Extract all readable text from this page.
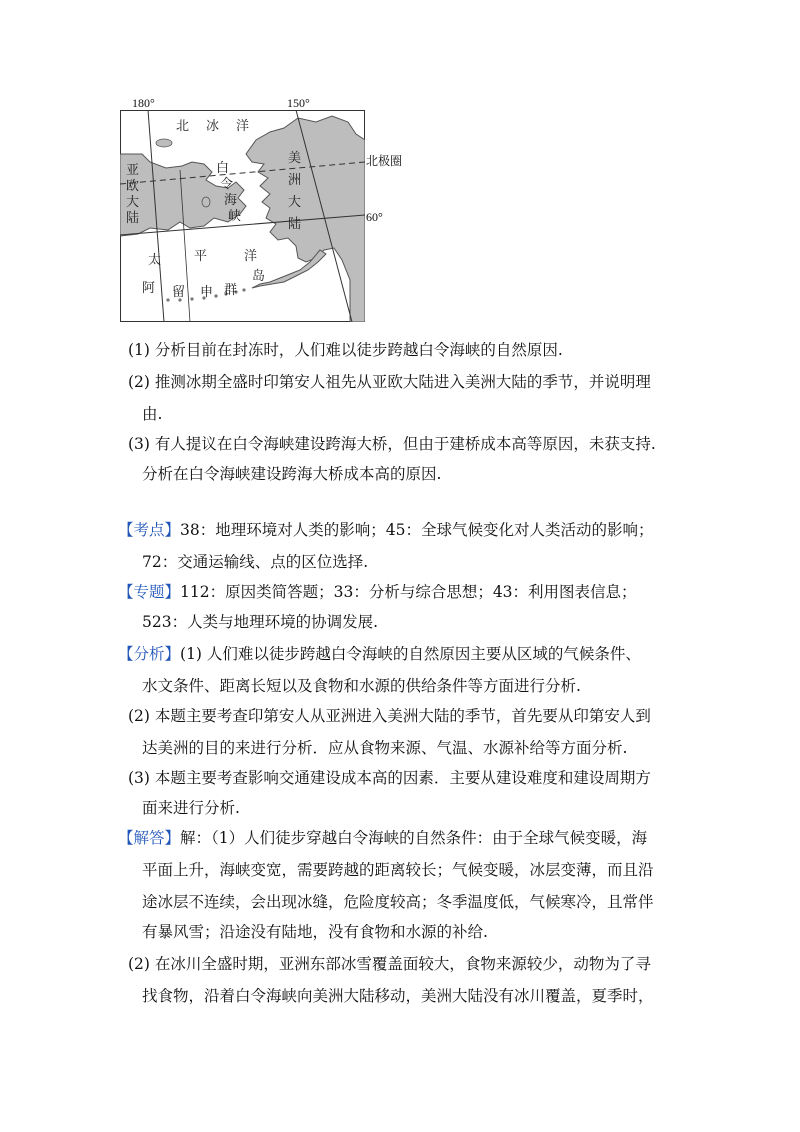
180°	150°
北 冰 洋
亚
欧
大
陆
白
令
海
峡
美
洲
大
陆
太	平	洋
阿 留 申 群
岛
北极圈
60°
(1) 分析目前在封冻时，人们难以徒步跨越白令海峡的自然原因.
(2) 推测冰期全盛时印第安人祖先从亚欧大陆进入美洲大陆的季节，并说明理
由.
(3) 有人提议在白令海峡建设跨海大桥，但由于建桥成本高等原因，未获支持.
分析在白令海峡建设跨海大桥成本高的原因.
【考点】38：地理环境对人类的影响；45：全球气候变化对人类活动的影响；
72：交通运输线、点的区位选择.
【专题】112：原因类简答题；33：分析与综合思想；43：利用图表信息；
523：人类与地理环境的协调发展.
【分析】(1) 人们难以徒步跨越白令海峡的自然原因主要从区域的气候条件、
水文条件、距离长短以及食物和水源的供给条件等方面进行分析.
(2) 本题主要考查印第安人从亚洲进入美洲大陆的季节，首先要从印第安人到
达美洲的目的来进行分析．应从食物来源、气温、水源补给等方面分析.
(3) 本题主要考查影响交通建设成本高的因素．主要从建设难度和建设周期方
面来进行分析.
【解答】解：（1）人们徒步穿越白令海峡的自然条件：由于全球气候变暖，海
平面上升，海峡变宽，需要跨越的距离较长；气候变暖，冰层变薄，而且沿
途冰层不连续，会出现冰缝，危险度较高；冬季温度低，气候寒冷，且常伴
有暴风雪；沿途没有陆地，没有食物和水源的补给.
(2) 在冰川全盛时期，亚洲东部冰雪覆盖面较大，食物来源较少，动物为了寻
找食物，沿着白令海峡向美洲大陆移动，美洲大陆没有冰川覆盖，夏季时，
